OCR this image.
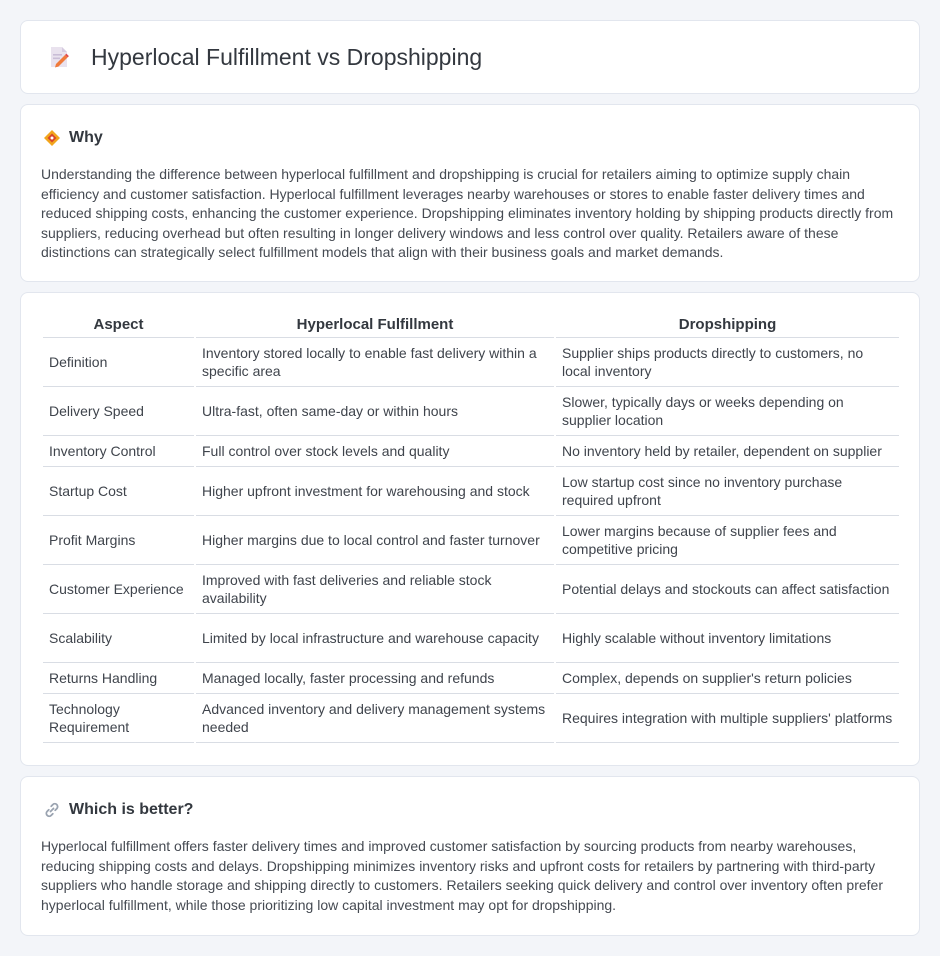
Hyperlocal Fulfillment vs Dropshipping
Why

Understanding the difference between hyperlocal fulfillment and dropshipping is crucial for retailers aiming to optimize supply chain efficiency and customer satisfaction. Hyperlocal fulfillment leverages nearby warehouses or stores to enable faster delivery times and reduced shipping costs, enhancing the customer experience. Dropshipping eliminates inventory holding by shipping products directly from suppliers, reducing overhead but often resulting in longer delivery windows and less control over quality. Retailers aware of these distinctions can strategically select fulfillment models that align with their business goals and market demands.

Aspect	Hyperlocal Fulfillment	Dropshipping
Definition	Inventory stored locally to enable fast delivery within a specific area	Supplier ships products directly to customers, no local inventory
Delivery Speed	Ultra-fast, often same-day or within hours	Slower, typically days or weeks depending on supplier location
Inventory Control	Full control over stock levels and quality	No inventory held by retailer, dependent on supplier
Startup Cost	Higher upfront investment for warehousing and stock	Low startup cost since no inventory purchase required upfront
Profit Margins	Higher margins due to local control and faster turnover	Lower margins because of supplier fees and competitive pricing
Customer Experience	Improved with fast deliveries and reliable stock availability	Potential delays and stockouts can affect satisfaction
Scalability	Limited by local infrastructure and warehouse capacity	Highly scalable without inventory limitations
Returns Handling	Managed locally, faster processing and refunds	Complex, depends on supplier's return policies
Technology Requirement	Advanced inventory and delivery management systems needed	Requires integration with multiple suppliers' platforms
Which is better?

Hyperlocal fulfillment offers faster delivery times and improved customer satisfaction by sourcing products from nearby warehouses, reducing shipping costs and delays. Dropshipping minimizes inventory risks and upfront costs for retailers by partnering with third-party suppliers who handle storage and shipping directly to customers. Retailers seeking quick delivery and control over inventory often prefer hyperlocal fulfillment, while those prioritizing low capital investment may opt for dropshipping.
